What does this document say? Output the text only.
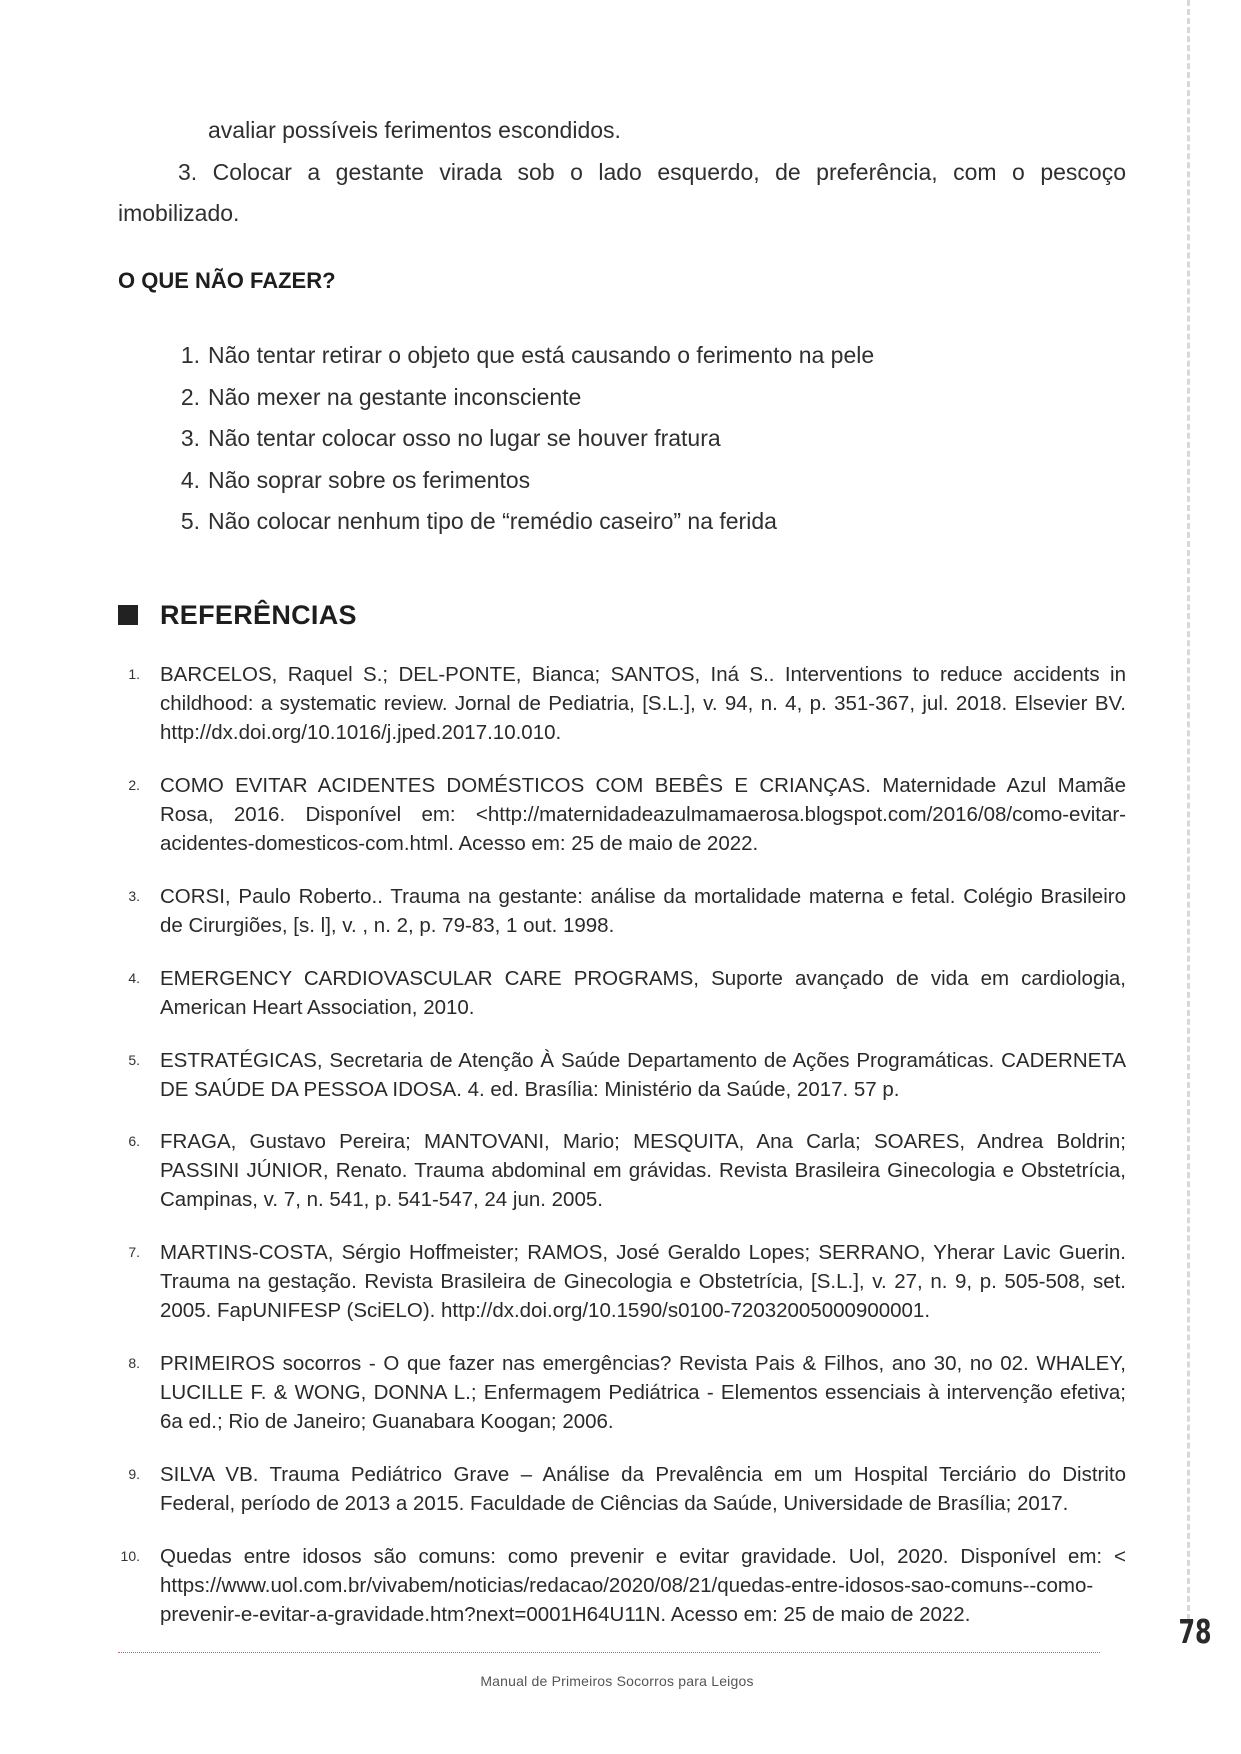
78
avaliar possíveis ferimentos escondidos.
3. Colocar a gestante virada sob o lado esquerdo, de preferência, com o pescoço imobilizado.
O QUE NÃO FAZER?
1. Não tentar retirar o objeto que está causando o ferimento na pele
2. Não mexer na gestante inconsciente
3. Não tentar colocar osso no lugar se houver fratura
4. Não soprar sobre os ferimentos
5. Não colocar nenhum tipo de “remédio caseiro” na ferida
REFERÊNCIAS
1. BARCELOS, Raquel S.; DEL-PONTE, Bianca; SANTOS, Iná S.. Interventions to reduce accidents in childhood: a systematic review. Jornal de Pediatria, [S.L.], v. 94, n. 4, p. 351-367, jul. 2018. Elsevier BV. http://dx.doi.org/10.1016/j.jped.2017.10.010.
2. COMO EVITAR ACIDENTES DOMÉSTICOS COM BEBÊS E CRIANÇAS. Maternidade Azul Mamãe Rosa, 2016. Disponível em: <http://maternidadeazulmamaerosa.blogspot.com/2016/08/como-evitar-acidentes-domesticos-com.html. Acesso em: 25 de maio de 2022.
3. CORSI, Paulo Roberto.. Trauma na gestante: análise da mortalidade materna e fetal. Colégio Brasileiro de Cirurgiões, [s. l], v. , n. 2, p. 79-83, 1 out. 1998.
4. EMERGENCY CARDIOVASCULAR CARE PROGRAMS, Suporte avançado de vida em cardiologia, American Heart Association, 2010.
5. ESTRATÉGICAS, Secretaria de Atenção À Saúde Departamento de Ações Programáticas. CADERNETA DE SAÚDE DA PESSOA IDOSA. 4. ed. Brasília: Ministério da Saúde, 2017. 57 p.
6. FRAGA, Gustavo Pereira; MANTOVANI, Mario; MESQUITA, Ana Carla; SOARES, Andrea Boldrin; PASSINI JÚNIOR, Renato. Trauma abdominal em grávidas. Revista Brasileira Ginecologia e Obstetrícia, Campinas, v. 7, n. 541, p. 541-547, 24 jun. 2005.
7. MARTINS-COSTA, Sérgio Hoffmeister; RAMOS, José Geraldo Lopes; SERRANO, Yherar Lavic Guerin. Trauma na gestação. Revista Brasileira de Ginecologia e Obstetrícia, [S.L.], v. 27, n. 9, p. 505-508, set. 2005. FapUNIFESP (SciELO). http://dx.doi.org/10.1590/s0100-72032005000900001.
8. PRIMEIROS socorros - O que fazer nas emergências? Revista Pais & Filhos, ano 30, no 02. WHALEY, LUCILLE F. & WONG, DONNA L.; Enfermagem Pediátrica - Elementos essenciais à intervenção efetiva; 6a ed.; Rio de Janeiro; Guanabara Koogan; 2006.
9. SILVA VB. Trauma Pediátrico Grave – Análise da Prevalência em um Hospital Terciário do Distrito Federal, período de 2013 a 2015. Faculdade de Ciências da Saúde, Universidade de Brasília; 2017.
10. Quedas entre idosos são comuns: como prevenir e evitar gravidade. Uol, 2020. Disponível em: < https://www.uol.com.br/vivabem/noticias/redacao/2020/08/21/quedas-entre-idosos-sao-comuns--como-prevenir-e-evitar-a-gravidade.htm?next=0001H64U11N. Acesso em: 25 de maio de 2022.
Manual de Primeiros Socorros para Leigos
